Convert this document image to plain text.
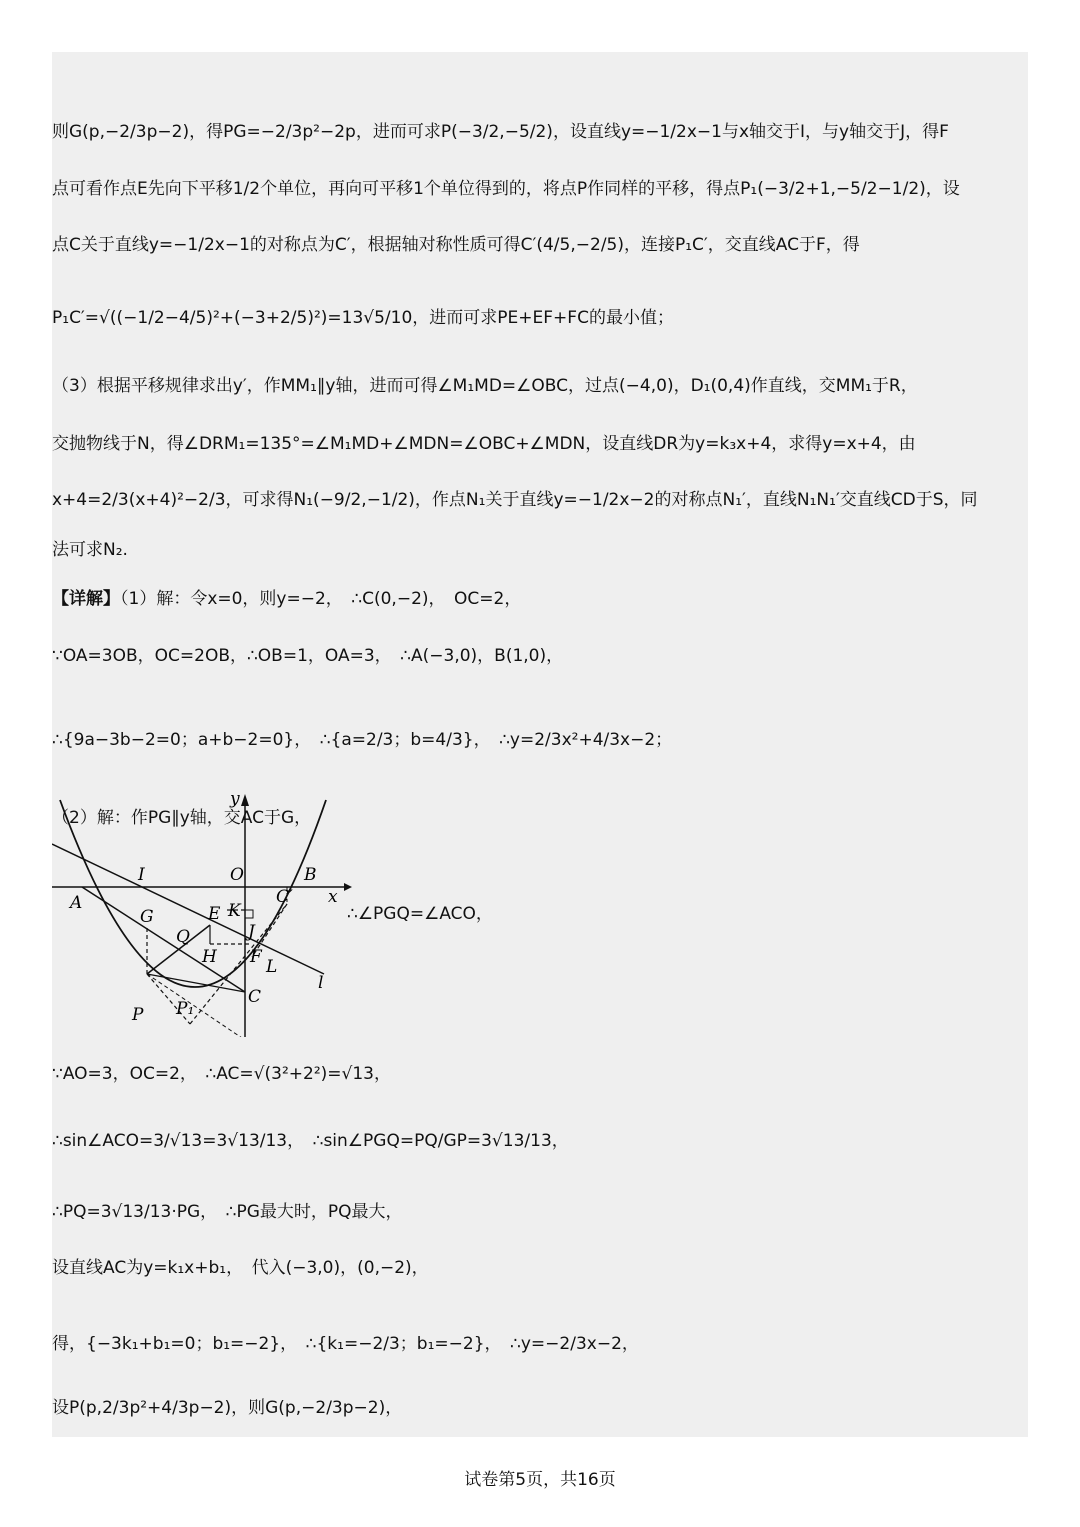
则G(p,−2/3p−2)，得PG=−2/3p²−2p，进而可求P(−3/2,−5/2)，设直线y=−1/2x−1与x轴交于I，与y轴交于J，得F
点可看作点E先向下平移1/2个单位，再向可平移1个单位得到的，将点P作同样的平移，得点P₁(−3/2+1,−5/2−1/2)，设
点C关于直线y=−1/2x−1的对称点为C′，根据轴对称性质可得C′(4/5,−2/5)，连接P₁C′，交直线AC于F，得
P₁C′=√((−1/2−4/5)²+(−3+2/5)²)=13√5/10，进而可求PE+EF+FC的最小值；
（3）根据平移规律求出y′，作MM₁∥y轴，进而可得∠M₁MD=∠OBC，过点(−4,0)，D₁(0,4)作直线，交MM₁于R，
交抛物线于N，得∠DRM₁=135°=∠M₁MD+∠MDN=∠OBC+∠MDN，设直线DR为y=k₃x+4，求得y=x+4，由
x+4=2/3(x+4)²−2/3，可求得N₁(−9/2,−1/2)，作点N₁关于直线y=−1/2x−2的对称点N₁′，直线N₁N₁′交直线CD于S，同
法可求N₂.
【详解】（1）解：令x=0，则y=−2，　∴C(0,−2)，　OC=2，
∵OA=3OB，OC=2OB，∴OB=1，OA=3，　∴A(−3,0)，B(1,0)，
∴{9a−3b−2=0；a+b−2=0}，　∴{a=2/3；b=4/3}，　∴y=2/3x²+4/3x−2；
（2）解：作PG∥y轴，交AC于G，
y
O	B
x
I
A	C′
G	E K
J
Q
H F L
l
C
P P₁
∴∠PGQ=∠ACO，
∵AO=3，OC=2，　∴AC=√(3²+2²)=√13，
∴sin∠ACO=3/√13=3√13/13，　∴sin∠PGQ=PQ/GP=3√13/13，
∴PQ=3√13/13·PG，　∴PG最大时，PQ最大，
设直线AC为y=k₁x+b₁，　代入(−3,0)，(0,−2)，
得，{−3k₁+b₁=0；b₁=−2}，　∴{k₁=−2/3；b₁=−2}，　∴y=−2/3x−2，
设P(p,2/3p²+4/3p−2)，则G(p,−2/3p−2)，
试卷第5页，共16页
